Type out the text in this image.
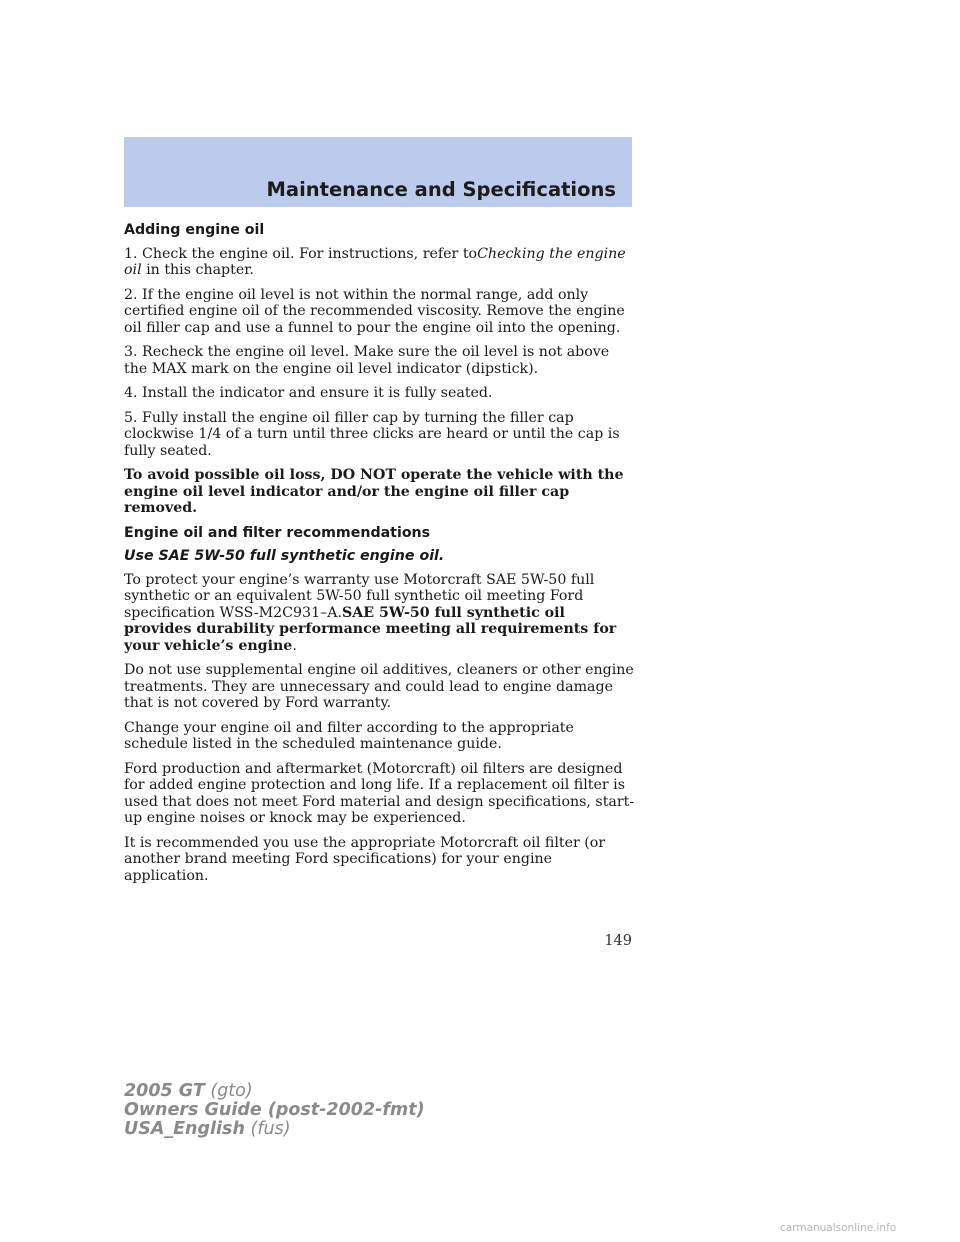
Maintenance and Specifications
Adding engine oil

1. Check the engine oil. For instructions, refer toChecking the engine oil in this chapter.

2. If the engine oil level is not within the normal range, add only certified engine oil of the recommended viscosity. Remove the engine oil filler cap and use a funnel to pour the engine oil into the opening.

3. Recheck the engine oil level. Make sure the oil level is not above the MAX mark on the engine oil level indicator (dipstick).

4. Install the indicator and ensure it is fully seated.

5. Fully install the engine oil filler cap by turning the filler cap clockwise 1/4 of a turn until three clicks are heard or until the cap is fully seated.

To avoid possible oil loss, DO NOT operate the vehicle with the engine oil level indicator and/or the engine oil filler cap removed.

Engine oil and filter recommendations
Use SAE 5W-50 full synthetic engine oil.

To protect your engine’s warranty use Motorcraft SAE 5W-50 full synthetic or an equivalent 5W-50 full synthetic oil meeting Ford specification WSS-M2C931–A.SAE 5W-50 full synthetic oil provides durability performance meeting all requirements for your vehicle’s engine.

Do not use supplemental engine oil additives, cleaners or other engine treatments. They are unnecessary and could lead to engine damage that is not covered by Ford warranty.

Change your engine oil and filter according to the appropriate schedule listed in the scheduled maintenance guide.

Ford production and aftermarket (Motorcraft) oil filters are designed for added engine protection and long life. If a replacement oil filter is used that does not meet Ford material and design specifications, start-up engine noises or knock may be experienced.

It is recommended you use the appropriate Motorcraft oil filter (or another brand meeting Ford specifications) for your engine application.

149
2005 GT (gto)
Owners Guide (post-2002-fmt)
USA_English (fus)
carmanualsonline.info
